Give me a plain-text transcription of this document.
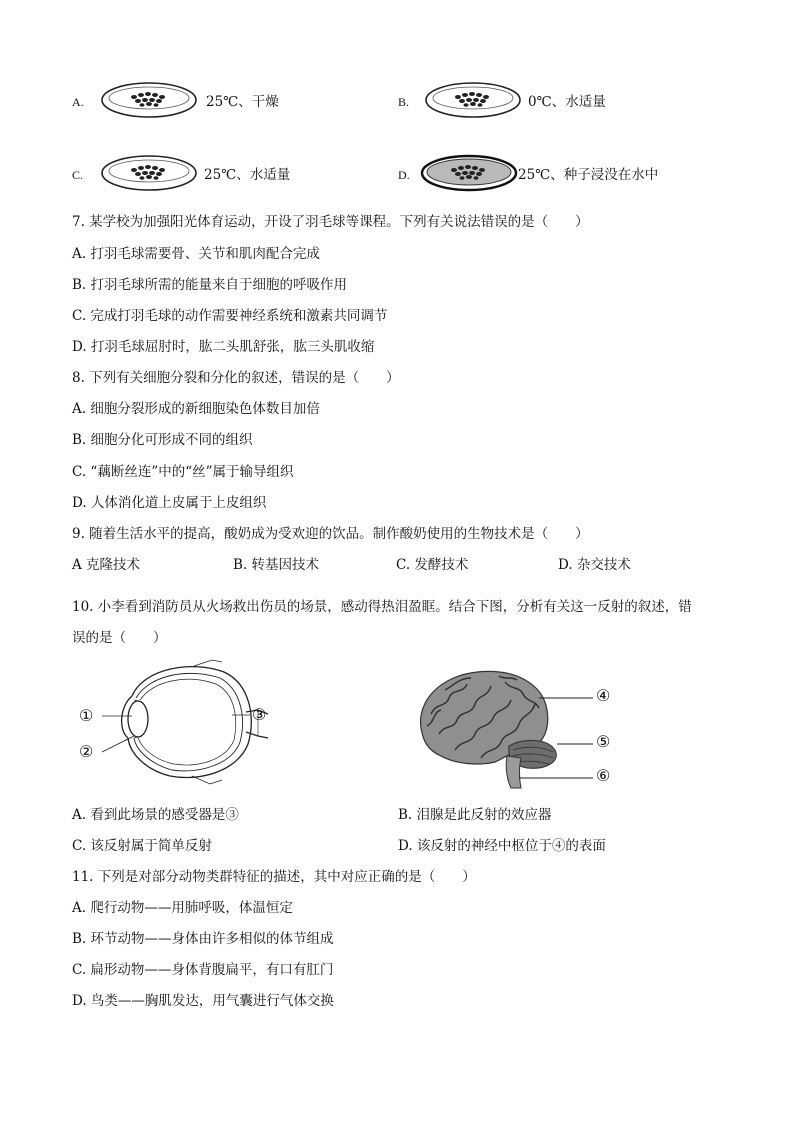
A.	25℃、干燥	B.	0℃、水适量
C.	25℃、水适量	D.	25℃、种子浸没在水中
7. 某学校为加强阳光体育运动，开设了羽毛球等课程。下列有关说法错误的是（　　）
A. 打羽毛球需要骨、关节和肌肉配合完成
B. 打羽毛球所需的能量来自于细胞的呼吸作用
C. 完成打羽毛球的动作需要神经系统和激素共同调节
D. 打羽毛球屈肘时，肱二头肌舒张，肱三头肌收缩
8. 下列有关细胞分裂和分化的叙述，错误的是（　　）
A. 细胞分裂形成的新细胞染色体数目加倍
B. 细胞分化可形成不同的组织
C. “藕断丝连”中的“丝”属于输导组织
D. 人体消化道上皮属于上皮组织
9. 随着生活水平的提高，酸奶成为受欢迎的饮品。制作酸奶使用的生物技术是（　　）
A 克隆技术	B. 转基因技术	C. 发酵技术	D. 杂交技术
10. 小李看到消防员从火场救出伤员的场景，感动得热泪盈眶。结合下图，分析有关这一反射的叙述，错
误的是（　　）
①
②
③
④
⑤
⑥
A. 看到此场景的感受器是③	B. 泪腺是此反射的效应器
C. 该反射属于简单反射	D. 该反射的神经中枢位于④的表面
11. 下列是对部分动物类群特征的描述，其中对应正确的是（　　）
A. 爬行动物——用肺呼吸，体温恒定
B. 环节动物——身体由许多相似的体节组成
C. 扁形动物——身体背腹扁平，有口有肛门
D. 鸟类——胸肌发达，用气囊进行气体交换
